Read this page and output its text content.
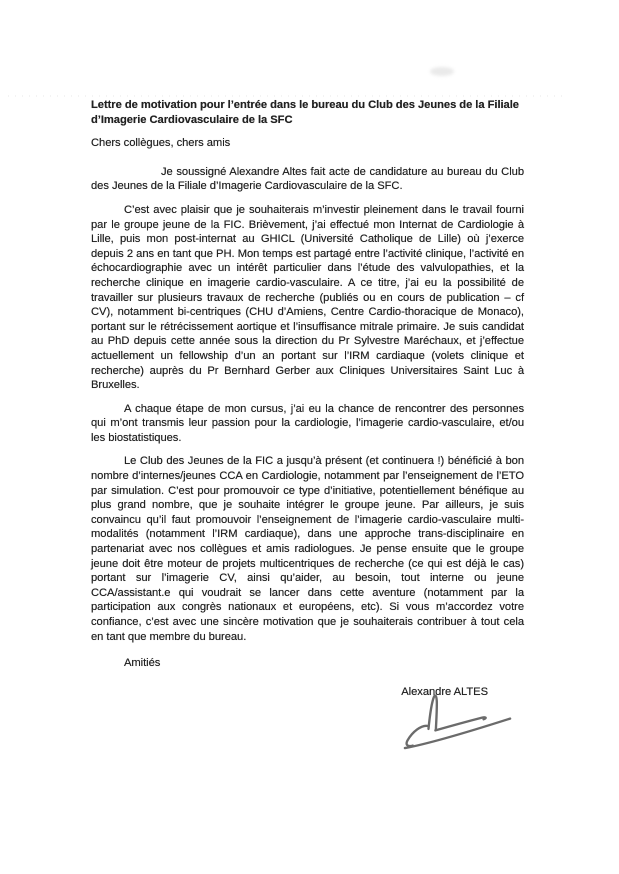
Lettre de motivation pour l’entrée dans le bureau du Club des Jeunes de la Filiale d’Imagerie Cardiovasculaire de la SFC
Chers collègues, chers amis

Je soussigné Alexandre Altes fait acte de candidature au bureau du Club des Jeunes de la Filiale d’Imagerie Cardiovasculaire de la SFC.

C’est avec plaisir que je souhaiterais m’investir pleinement dans le travail fourni par le groupe jeune de la FIC. Brièvement, j’ai effectué mon Internat de Cardiologie à Lille, puis mon post-internat au GHICL (Université Catholique de Lille) où j’exerce depuis 2 ans en tant que PH. Mon temps est partagé entre l’activité clinique, l’activité en échocardiographie avec un intérêt particulier dans l’étude des valvulopathies, et la recherche clinique en imagerie cardio-vasculaire. A ce titre, j’ai eu la possibilité de travailler sur plusieurs travaux de recherche (publiés ou en cours de publication – cf CV), notamment bi-centriques (CHU d’Amiens, Centre Cardio-thoracique de Monaco), portant sur le rétrécissement aortique et l’insuffisance mitrale primaire. Je suis candidat au PhD depuis cette année sous la direction du Pr Sylvestre Maréchaux, et j’effectue actuellement un fellowship d’un an portant sur l’IRM cardiaque (volets clinique et recherche) auprès du Pr Bernhard Gerber aux Cliniques Universitaires Saint Luc à Bruxelles.

A chaque étape de mon cursus, j’ai eu la chance de rencontrer des personnes qui m’ont transmis leur passion pour la cardiologie, l’imagerie cardio-vasculaire, et/ou les biostatistiques.

Le Club des Jeunes de la FIC a jusqu’à présent (et continuera !) bénéficié à bon nombre d’internes/jeunes CCA en Cardiologie, notamment par l’enseignement de l’ETO par simulation. C’est pour promouvoir ce type d’initiative, potentiellement bénéfique au plus grand nombre, que je souhaite intégrer le groupe jeune. Par ailleurs, je suis convaincu qu’il faut promouvoir l’enseignement de l’imagerie cardio-vasculaire multi-modalités (notamment l’IRM cardiaque), dans une approche trans-disciplinaire en partenariat avec nos collègues et amis radiologues. Je pense ensuite que le groupe jeune doit être moteur de projets multicentriques de recherche (ce qui est déjà le cas) portant sur l’imagerie CV, ainsi qu’aider, au besoin, tout interne ou jeune CCA/assistant.e qui voudrait se lancer dans cette aventure (notamment par la participation aux congrès nationaux et européens, etc). Si vous m’accordez votre confiance, c’est avec une sincère motivation que je souhaiterais contribuer à tout cela en tant que membre du bureau.

Amitiés
Alexandre ALTES
